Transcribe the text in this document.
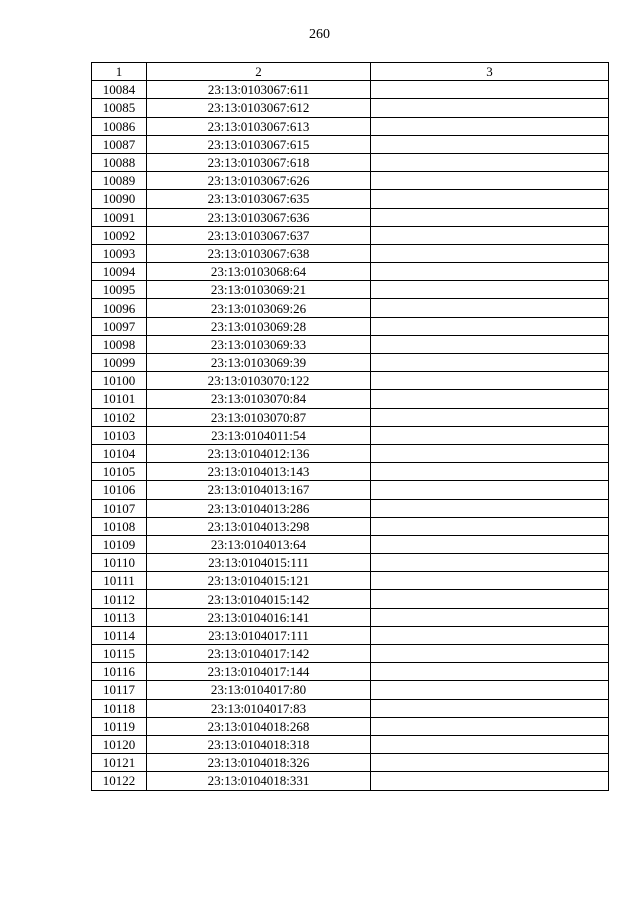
260
1	2	3
10084	23:13:0103067:611	
10085	23:13:0103067:612	
10086	23:13:0103067:613	
10087	23:13:0103067:615	
10088	23:13:0103067:618	
10089	23:13:0103067:626	
10090	23:13:0103067:635	
10091	23:13:0103067:636	
10092	23:13:0103067:637	
10093	23:13:0103067:638	
10094	23:13:0103068:64	
10095	23:13:0103069:21	
10096	23:13:0103069:26	
10097	23:13:0103069:28	
10098	23:13:0103069:33	
10099	23:13:0103069:39	
10100	23:13:0103070:122	
10101	23:13:0103070:84	
10102	23:13:0103070:87	
10103	23:13:0104011:54	
10104	23:13:0104012:136	
10105	23:13:0104013:143	
10106	23:13:0104013:167	
10107	23:13:0104013:286	
10108	23:13:0104013:298	
10109	23:13:0104013:64	
10110	23:13:0104015:111	
10111	23:13:0104015:121	
10112	23:13:0104015:142	
10113	23:13:0104016:141	
10114	23:13:0104017:111	
10115	23:13:0104017:142	
10116	23:13:0104017:144	
10117	23:13:0104017:80	
10118	23:13:0104017:83	
10119	23:13:0104018:268	
10120	23:13:0104018:318	
10121	23:13:0104018:326	
10122	23:13:0104018:331	
